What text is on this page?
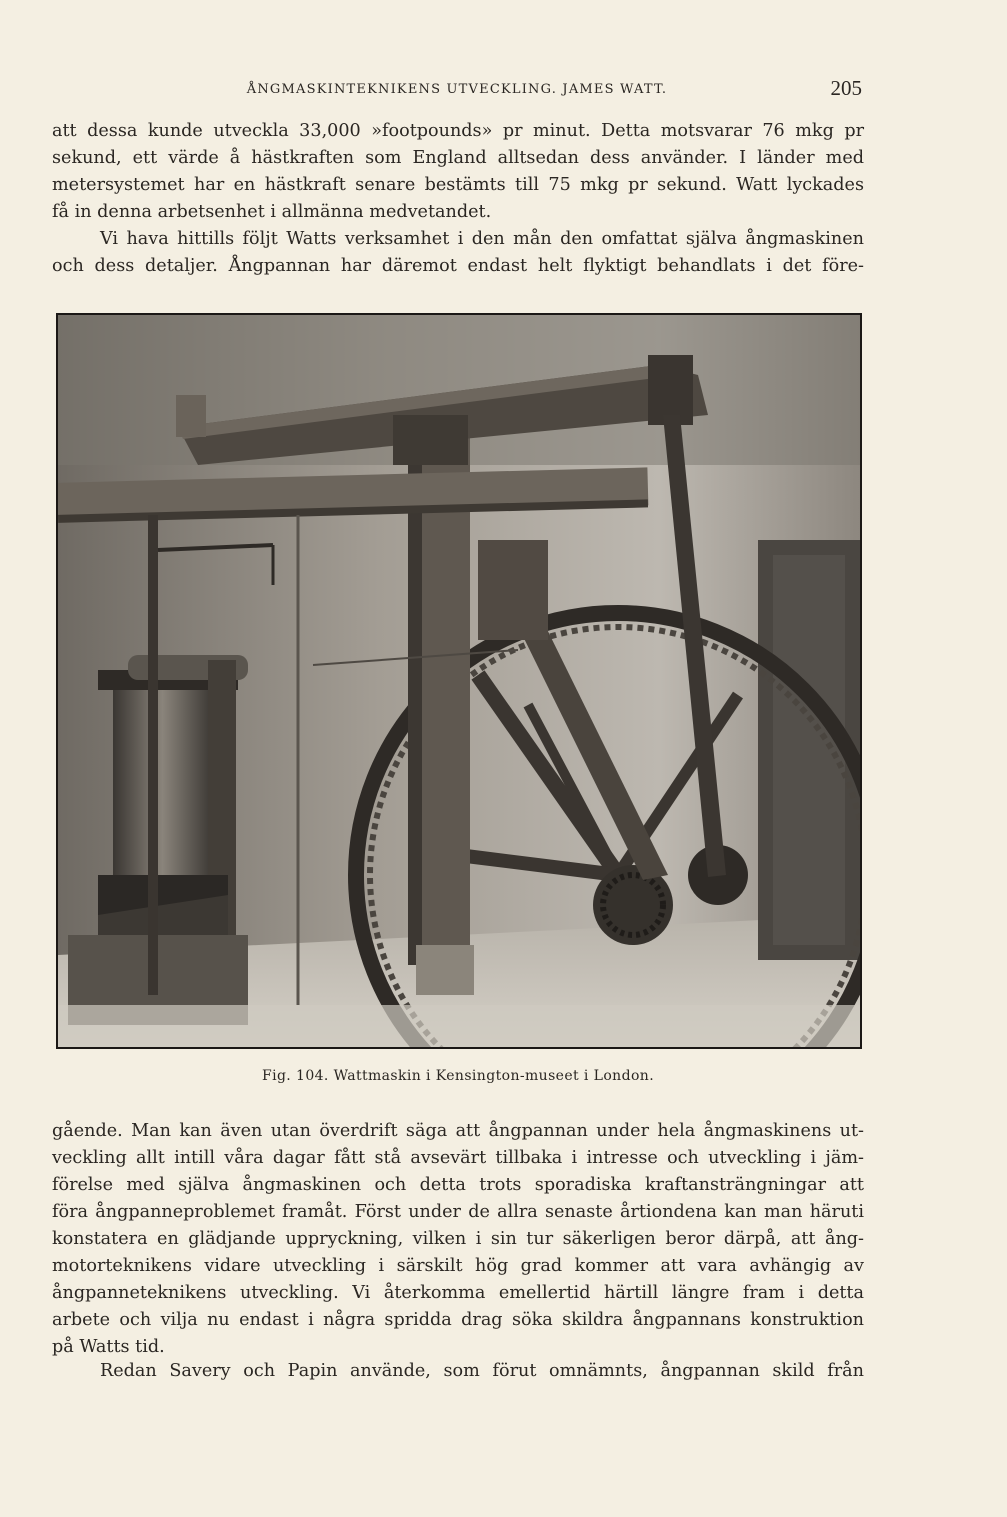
ÅNGMASKINTEKNIKENS UTVECKLING. JAMES WATT.	205
att dessa kunde utveckla 33,000 »footpounds» pr minut. Detta motsvarar 76 mkg pr
sekund, ett värde å hästkraften som England alltsedan dess använder. I länder med
metersystemet har en hästkraft senare bestämts till 75 mkg pr sekund. Watt lyckades
få in denna arbetsenhet i allmänna medvetandet.
Vi hava hittills följt Watts verksamhet i den mån den omfattat själva ångmaskinen
och dess detaljer. Ångpannan har däremot endast helt flyktigt behandlats i det före-
Fig. 104. Wattmaskin i Kensington-museet i London.
gående. Man kan även utan överdrift säga att ångpannan under hela ångmaskinens ut-
veckling allt intill våra dagar fått stå avsevärt tillbaka i intresse och utveckling i jäm-
förelse med själva ångmaskinen och detta trots sporadiska kraftansträngningar att
föra ångpanneproblemet framåt. Först under de allra senaste årtiondena kan man häruti
konstatera en glädjande uppryckning, vilken i sin tur säkerligen beror därpå, att ång-
motorteknikens vidare utveckling i särskilt hög grad kommer att vara avhängig av
ångpanneteknikens utveckling. Vi återkomma emellertid härtill längre fram i detta
arbete och vilja nu endast i några spridda drag söka skildra ångpannans konstruktion
på Watts tid.
Redan Savery och Papin använde, som förut omnämnts, ångpannan skild från
